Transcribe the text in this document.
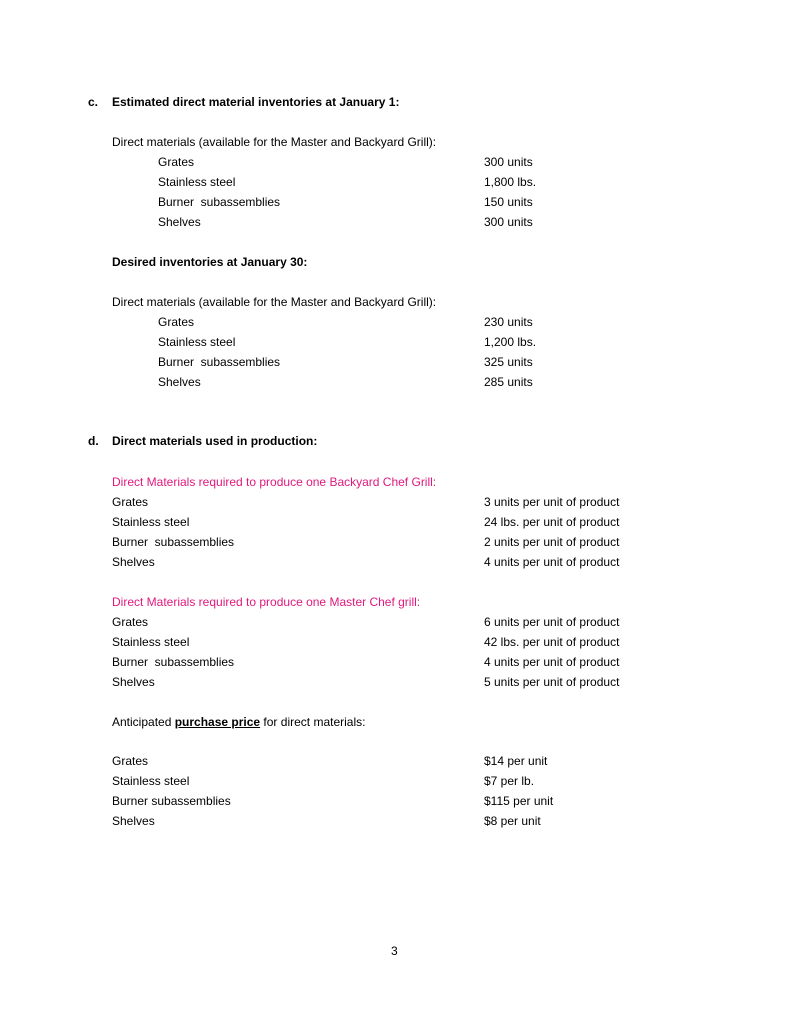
c. Estimated direct material inventories at January 1:
Direct materials (available for the Master and Backyard Grill):
Grates	300 units
Stainless steel	1,800 lbs.
Burner  subassemblies	150 units
Shelves	300 units
Desired inventories at January 30:
Direct materials (available for the Master and Backyard Grill):
Grates	230 units
Stainless steel	1,200 lbs.
Burner  subassemblies	325 units
Shelves	285 units
d. Direct materials used in production:
Direct Materials required to produce one Backyard Chef Grill:
Grates	3 units per unit of product
Stainless steel	24 lbs. per unit of product
Burner  subassemblies	2 units per unit of product
Shelves	4 units per unit of product
Direct Materials required to produce one Master Chef grill:
Grates	6 units per unit of product
Stainless steel	42 lbs. per unit of product
Burner  subassemblies	4 units per unit of product
Shelves	5 units per unit of product
Anticipated purchase price for direct materials:
Grates	$14 per unit
Stainless steel	$7 per lb.
Burner subassemblies	$115 per unit
Shelves	$8 per unit
3
